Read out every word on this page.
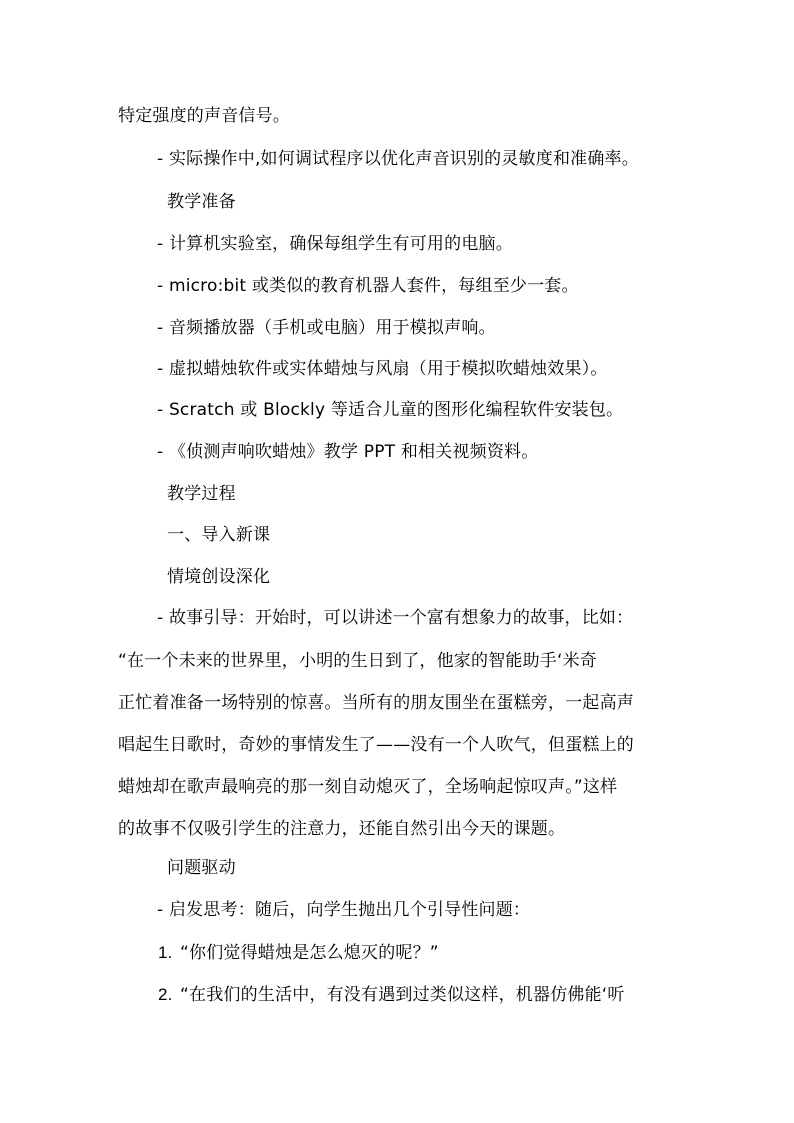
特定强度的声音信号。
- 实际操作中,如何调试程序以优化声音识别的灵敏度和准确率。
教学准备
- 计算机实验室，确保每组学生有可用的电脑。
- micro:bit 或类似的教育机器人套件，每组至少一套。
- 音频播放器（手机或电脑）用于模拟声响。
- 虚拟蜡烛软件或实体蜡烛与风扇（用于模拟吹蜡烛效果）。
- Scratch 或 Blockly 等适合儿童的图形化编程软件安装包。
- 《侦测声响吹蜡烛》教学 PPT 和相关视频资料。
教学过程
一、导入新课
情境创设深化
- 故事引导：开始时，可以讲述一个富有想象力的故事，比如：
“在一个未来的世界里，小明的生日到了，他家的智能助手‘米奇
正忙着准备一场特别的惊喜。当所有的朋友围坐在蛋糕旁，一起高声
唱起生日歌时，奇妙的事情发生了——没有一个人吹气，但蛋糕上的
蜡烛却在歌声最响亮的那一刻自动熄灭了，全场响起惊叹声。”这样
的故事不仅吸引学生的注意力，还能自然引出今天的课题。
问题驱动
- 启发思考：随后，向学生抛出几个引导性问题：
1. “你们觉得蜡烛是怎么熄灭的呢？”
2. “在我们的生活中，有没有遇到过类似这样，机器仿佛能‘听
